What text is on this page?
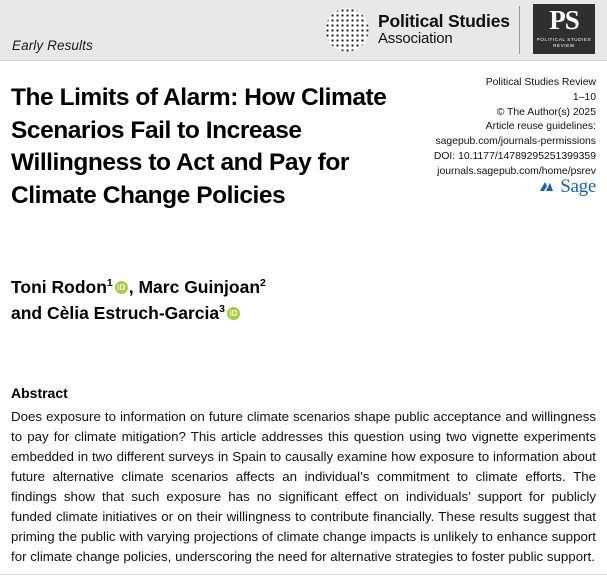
Early Results
Political Studies
Association
PS
POLITICAL STUDIES REVIEW
The Limits of Alarm: How Climate Scenarios Fail to Increase Willingness to Act and Pay for Climate Change Policies
Political Studies Review
1–10
© The Author(s) 2025
Article reuse guidelines:
sagepub.com/journals-permissions
DOI: 10.1177/14789295251399359
journals.sagepub.com/home/psrev
Sage
Toni Rodon$^1$ iD , Marc Guinjoan$^2$
and Cèlia Estruch-Garcia$^3$iD
Abstract
Does exposure to information on future climate scenarios shape public acceptance and willingness to pay for climate mitigation? This article addresses this question using two vignette experiments embedded in two different surveys in Spain to causally examine how exposure to information about future alternative climate scenarios affects an individual’s commitment to climate efforts. The findings show that such exposure has no significant effect on individuals’ support for publicly funded climate initiatives or on their willingness to contribute financially. These results suggest that priming the public with varying projections of climate change impacts is unlikely to enhance support for climate change policies, underscoring the need for alternative strategies to foster public support.
